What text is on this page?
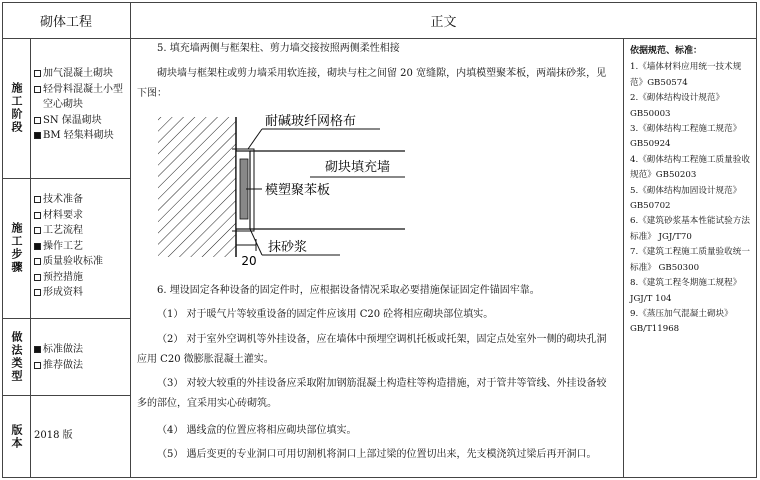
砌体工程	正文
施工阶段
施工步骤
做法类型
版本
加气混凝土砌块
轻骨料混凝土小型空心砌块
SN 保温砌块
BM 轻集料砌块
技术准备
材料要求
工艺流程
操作工艺
质量验收标准
预控措施
形成资料
标准做法
推荐做法
2018 版
5. 填充墙两侧与框架柱、剪力墙交接按照两侧柔性相接
砌块墙与框架柱或剪力墙采用软连接，砌块与柱之间留 20 宽缝隙，内填模塑聚苯板，两端抹砂浆，见下图：
6. 埋设固定各种设备的固定件时，应根据设备情况采取必要措施保证固定件锚固牢靠。
（1） 对于暖气片等较重设备的固定件应该用 C20 砼将相应砌块部位填实。
（2） 对于室外空调机等外挂设备，应在墙体中预埋空调机托板或托架，固定点处室外一侧的砌块孔洞应用 C20 微膨胀混凝土灌实。
（3） 对较大较重的外挂设备应采取附加钢筋混凝土构造柱等构造措施，对于管井等管线、外挂设备较多的部位，宜采用实心砖砌筑。
（4） 遇线盒的位置应将相应砌块部位填实。
（5） 遇后变更的专业洞口可用切割机将洞口上部过梁的位置切出来，先支模浇筑过梁后再开洞口。
耐碱玻纤网格布
砌块填充墙
模塑聚苯板
20
抹砂浆
依据规范、标准：
1.《墙体材料应用统一技术规范》GB50574
2.《砌体结构设计规范》GB50003
3.《砌体结构工程施工规范》GB50924
4.《砌体结构工程施工质量验收规范》GB50203
5.《砌体结构加固设计规范》GB50702
6.《建筑砂浆基本性能试验方法标准》 JGJ/T70
7.《建筑工程施工质量验收统一标准》 GB50300
8.《建筑工程冬期施工规程》JGJ/T 104
9.《蒸压加气混凝土砌块》GB/T11968
